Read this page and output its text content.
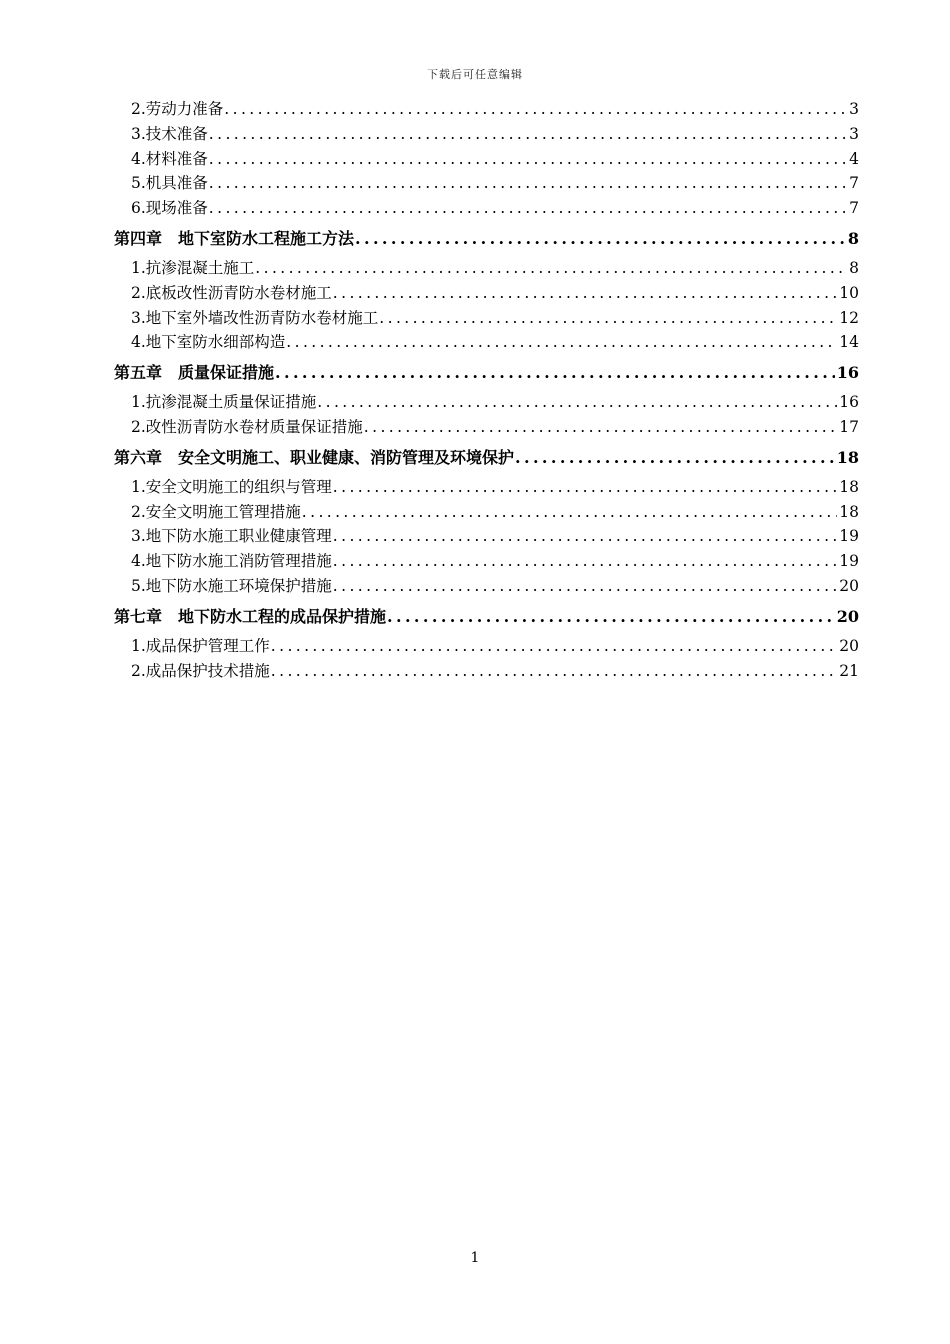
下载后可任意编辑
2.劳动力准备 .....	3
3.技术准备 .....	3
4.材料准备 .....	4
5.机具准备 .....	7
6.现场准备 .....	7
第四章　地下室防水工程施工方法 .....	8
1.抗渗混凝土施工 .....	8
2.底板改性沥青防水卷材施工 .....	10
3.地下室外墙改性沥青防水卷材施工 .....	12
4.地下室防水细部构造 .....	14
第五章　质量保证措施 .....	16
1.抗渗混凝土质量保证措施 .....	16
2.改性沥青防水卷材质量保证措施 .....	17
第六章　安全文明施工、职业健康、消防管理及环境保护 .....	18
1.安全文明施工的组织与管理 .....	18
2.安全文明施工管理措施 .....	18
3.地下防水施工职业健康管理 .....	19
4.地下防水施工消防管理措施 .....	19
5.地下防水施工环境保护措施 .....	20
第七章　地下防水工程的成品保护措施 .....	20
1.成品保护管理工作 .....	20
2.成品保护技术措施 .....	21
1
